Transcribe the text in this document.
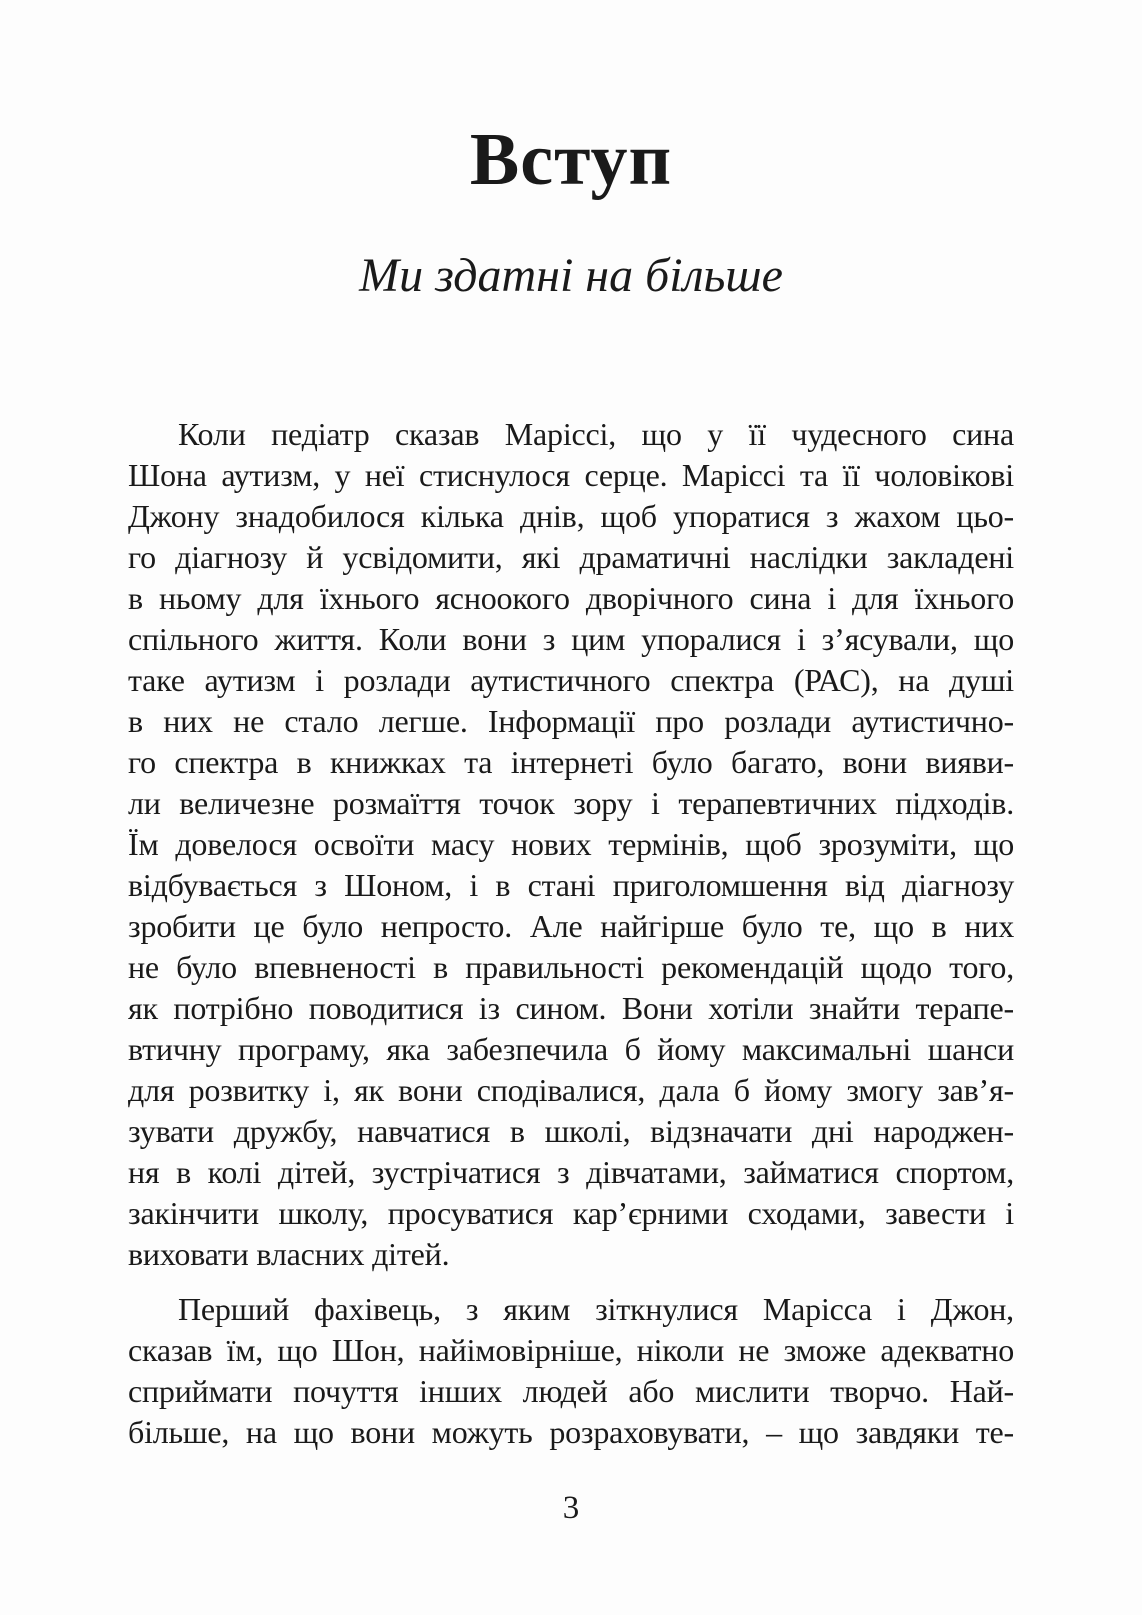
Вступ
Ми здатні на більше
Коли педіатр сказав Маріссі, що у її чудесного сина
Шона аутизм, у неї стиснулося серце. Маріссі та її чоловікові
Джону знадобилося кілька днів, щоб упоратися з жахом цьо-
го діагнозу й усвідомити, які драматичні наслідки закладені
в ньому для їхнього ясноокого дворічного сина і для їхнього
спільного життя. Коли вони з цим упоралися і з’ясували, що
таке аутизм і розлади аутистичного спектра (РАС), на душі
в них не стало легше. Інформації про розлади аутистично-
го спектра в книжках та інтернеті було багато, вони вияви-
ли величезне розмаїття точок зору і терапевтичних підходів.
Їм довелося освоїти масу нових термінів, щоб зрозуміти, що
відбувається з Шоном, і в стані приголомшення від діагнозу
зробити це було непросто. Але найгірше було те, що в них
не було впевненості в правильності рекомендацій щодо того,
як потрібно поводитися із сином. Вони хотіли знайти терапе-
втичну програму, яка забезпечила б йому максимальні шанси
для розвитку і, як вони сподівалися, дала б йому змогу зав’я-
зувати дружбу, навчатися в школі, відзначати дні народжен-
ня в колі дітей, зустрічатися з дівчатами, займатися спортом,
закінчити школу, просуватися кар’єрними сходами, завести і
виховати власних дітей.
Перший фахівець, з яким зіткнулися Марісса і Джон,
сказав їм, що Шон, найімовірніше, ніколи не зможе адекватно
сприймати почуття інших людей або мислити творчо. Най-
більше, на що вони можуть розраховувати, – що завдяки те-
3
